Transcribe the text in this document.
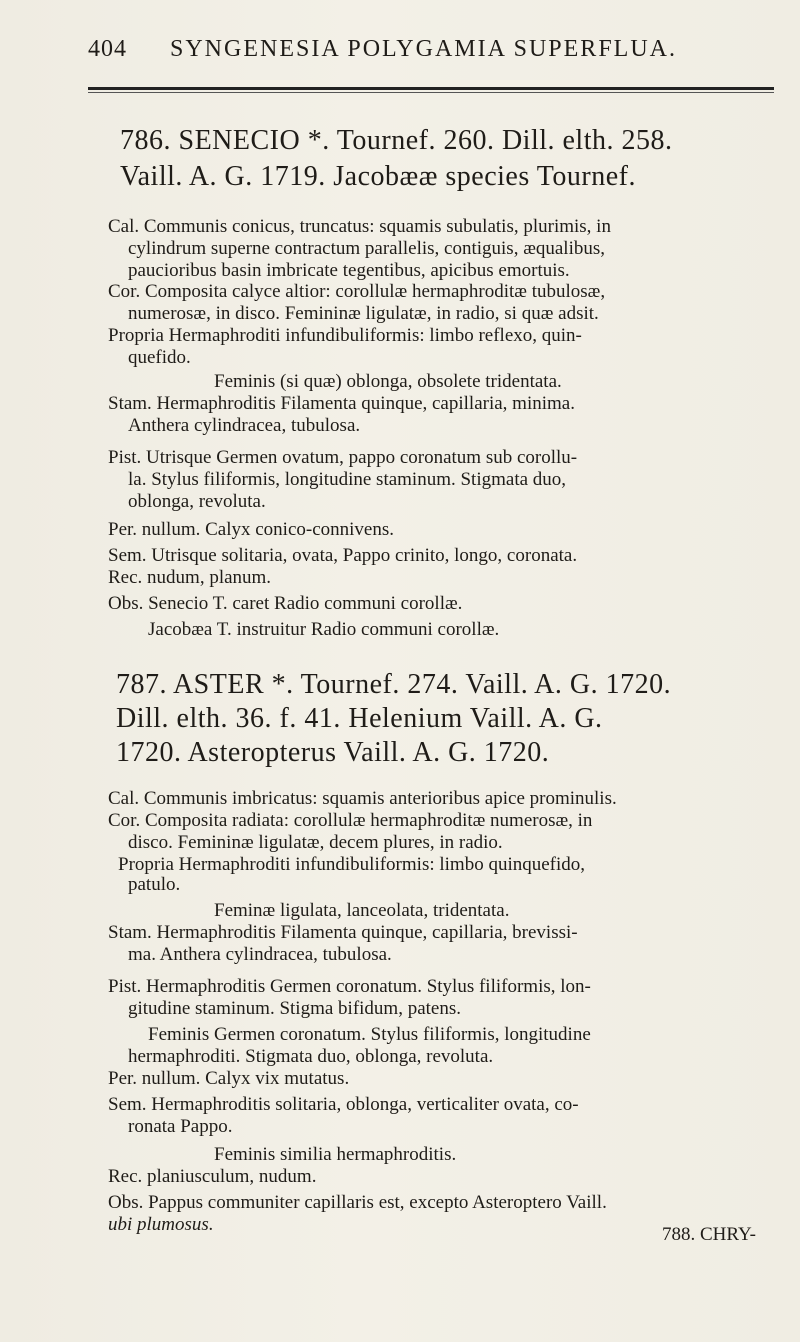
404 SYNGENESIA POLYGAMIA SUPERFLUA.
786. SENECIO *. Tournef. 260. Dill. elth. 258.
Vaill. A. G. 1719. Jacobææ species Tournef.
Cal. Communis conicus, truncatus: squamis subulatis, plurimis, in
cylindrum superne contractum parallelis, contiguis, æqualibus,
paucioribus basin imbricate tegentibus, apicibus emortuis.
Cor. Composita calyce altior: corollulæ hermaphroditæ tubulosæ,
numerosæ, in disco. Femininæ ligulatæ, in radio, si quæ adsit.
Propria Hermaphroditi infundibuliformis: limbo reflexo, quin-
quefido.
Feminis (si quæ) oblonga, obsolete tridentata.
Stam. Hermaphroditis Filamenta quinque, capillaria, minima.
Anthera cylindracea, tubulosa.
Pist. Utrisque Germen ovatum, pappo coronatum sub corollu-
la. Stylus filiformis, longitudine staminum. Stigmata duo,
oblonga, revoluta.
Per. nullum. Calyx conico-connivens.
Sem. Utrisque solitaria, ovata, Pappo crinito, longo, coronata.
Rec. nudum, planum.
Obs. Senecio T. caret Radio communi corollæ.
Jacobæa T. instruitur Radio communi corollæ.
787. ASTER *. Tournef. 274. Vaill. A. G. 1720.
Dill. elth. 36. f. 41. Helenium Vaill. A. G.
1720. Asteropterus Vaill. A. G. 1720.
Cal. Communis imbricatus: squamis anterioribus apice prominulis.
Cor. Composita radiata: corollulæ hermaphroditæ numerosæ, in
disco. Femininæ ligulatæ, decem plures, in radio.
Propria Hermaphroditi infundibuliformis: limbo quinquefido,
patulo.
Feminæ ligulata, lanceolata, tridentata.
Stam. Hermaphroditis Filamenta quinque, capillaria, brevissi-
ma. Anthera cylindracea, tubulosa.
Pist. Hermaphroditis Germen coronatum. Stylus filiformis, lon-
gitudine staminum. Stigma bifidum, patens.
Feminis Germen coronatum. Stylus filiformis, longitudine
hermaphroditi. Stigmata duo, oblonga, revoluta.
Per. nullum. Calyx vix mutatus.
Sem. Hermaphroditis solitaria, oblonga, verticaliter ovata, co-
ronata Pappo.
Feminis similia hermaphroditis.
Rec. planiusculum, nudum.
Obs. Pappus communiter capillaris est, excepto Asteroptero Vaill.
ubi plumosus.	788. CHRY-
